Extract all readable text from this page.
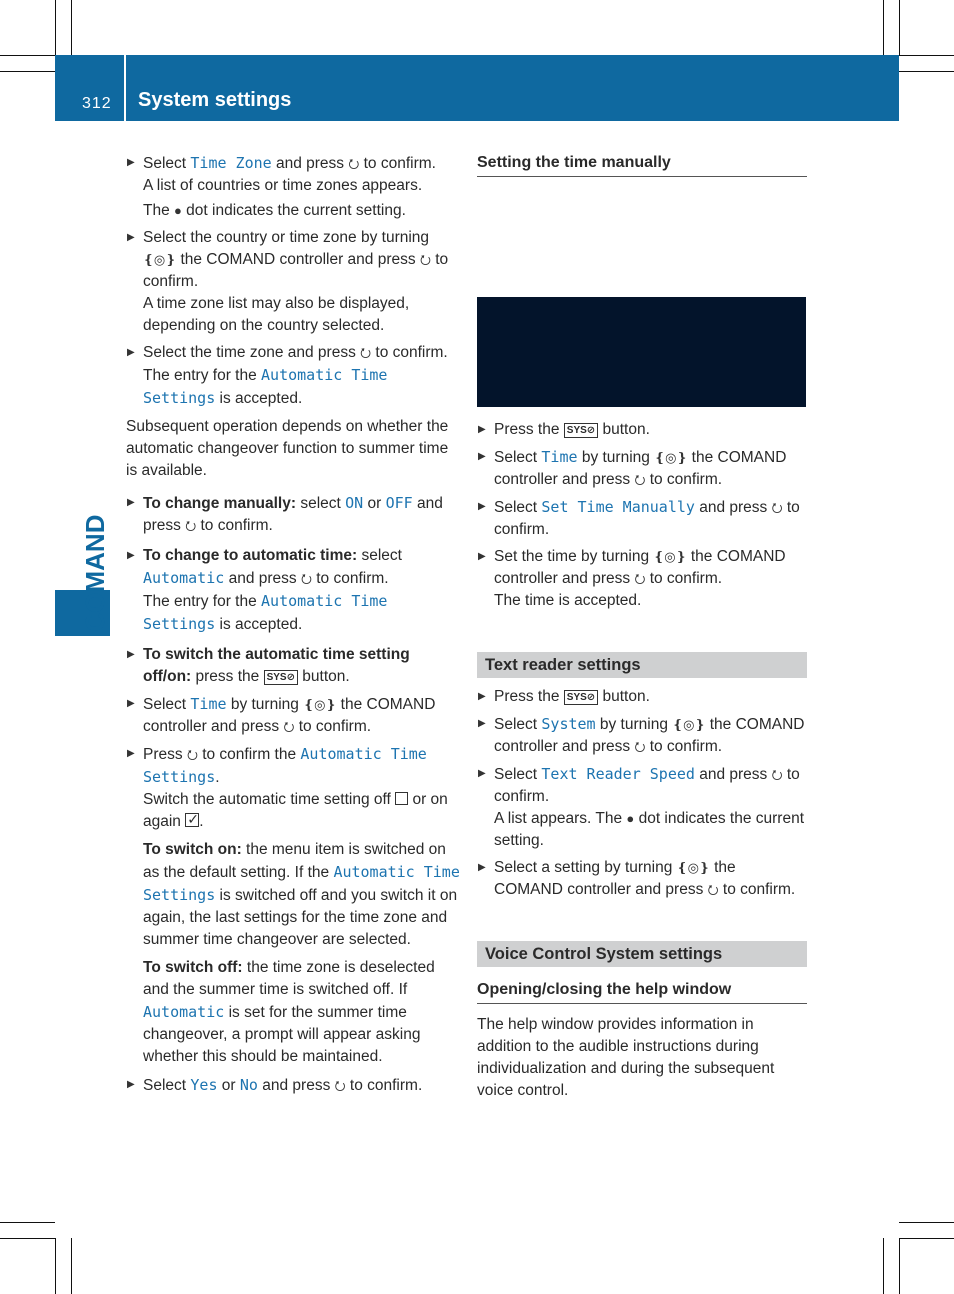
312 System settings
COMAND
▶ Select Time Zone and press ⭮ to confirm.
A list of countries or time zones appears.
The ● dot indicates the current setting.
▶ Select the country or time zone by turning ❴◎❵ the COMAND controller and press ⭮ to confirm.
A time zone list may also be displayed, depending on the country selected.
▶ Select the time zone and press ⭮ to confirm.
The entry for the Automatic Time Settings is accepted.

Subsequent operation depends on whether the automatic changeover function to summer time is available.

▶ To change manually: select ON or OFF and press ⭮ to confirm.
▶ To change to automatic time: select Automatic and press ⭮ to confirm.
The entry for the Automatic Time Settings is accepted.
▶ To switch the automatic time setting off/on: press the SYS⊘ button.
▶ Select Time by turning ❴◎❵ the COMAND controller and press ⭮ to confirm.
▶ Press ⭮ to confirm the Automatic Time Settings.
Switch the automatic time setting off  or on again ✓.

To switch on: the menu item is switched on as the default setting. If the Automatic Time Settings is switched off and you switch it on again, the last settings for the time zone and summer time changeover are selected.

To switch off: the time zone is deselected and the summer time is switched off. If Automatic is set for the summer time changeover, a prompt will appear asking whether this should be maintained.

▶ Select Yes or No and press ⭮ to confirm.
Setting the time manually
▶ Press the SYS⊘ button.
▶ Select Time by turning ❴◎❵ the COMAND controller and press ⭮ to confirm.
▶ Select Set Time Manually and press ⭮ to confirm.
▶ Set the time by turning ❴◎❵ the COMAND controller and press ⭮ to confirm.
The time is accepted.
Text reader settings
▶ Press the SYS⊘ button.
▶ Select System by turning ❴◎❵ the COMAND controller and press ⭮ to confirm.
▶ Select Text Reader Speed and press ⭮ to confirm.
A list appears. The ● dot indicates the current setting.
▶ Select a setting by turning ❴◎❵ the COMAND controller and press ⭮ to confirm.
Voice Control System settings
Opening/closing the help window

The help window provides information in addition to the audible instructions during individualization and during the subsequent voice control.
